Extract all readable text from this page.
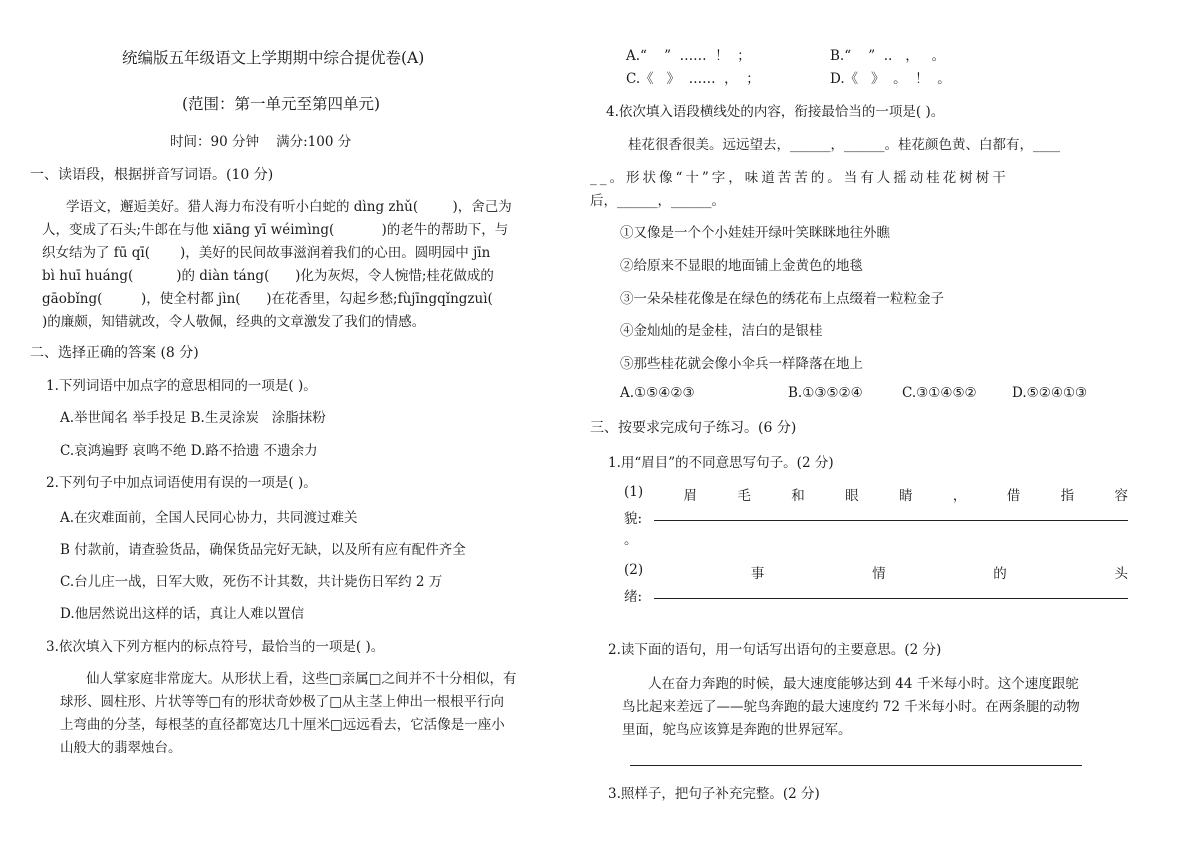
统编版五年级语文上学期期中综合提优卷(A)
(范围：第一单元至第四单元)
时间：90 分钟    满分:100 分
一、读语段，根据拼音写词语。(10 分)
学语文，邂逅美好。猎人海力布没有听小白蛇的 dìng zhǔ(        )，舍己为
人，变成了石头;牛郎在与他 xiāng yī wéimìng(           )的老牛的帮助下，与
织女结为了 fū qī(       )，美好的民间故事滋润着我们的心田。圆明园中 jīn
bì huī huáng(          )的 diàn táng(      )化为灰烬，令人惋惜;桂花做成的
gāobǐng(         )，使全村都 jìn(      )在花香里，勾起乡愁;fùjīngqǐngzuì(
)的廉颇，知错就改，令人敬佩，经典的文章激发了我们的情感。
二、选择正确的答案 (8 分)
1.下列词语中加点字的意思相同的一项是( )。
A.举世闻名 举手投足 B.生灵涂炭   涂脂抹粉
C.哀鸿遍野 哀鸣不绝 D.路不拾遗 不遗余力
2.下列句子中加点词语使用有误的一项是( )。
A.在灾难面前，全国人民同心协力，共同渡过难关
B 付款前，请查验货品，确保货品完好无缺，以及所有应有配件齐全
C.台儿庄一战，日军大败，死伤不计其数，共计毙伤日军约 2 万
D.他居然说出这样的话，真让人难以置信
3.依次填入下列方框内的标点符号，最恰当的一项是( )。
仙人掌家庭非常庞大。从形状上看，这些□亲属□之间并不十分相似，有
球形、圆柱形、片状等等□有的形状奇妙极了□从主茎上伸出一根根平行向
上弯曲的分茎，每根茎的直径都宽达几十厘米□远远看去，它活像是一座小
山般大的翡翠烛台。
A.“    ”  ……  ！  ；	B.“    ”  ..   ，   。
C.《   》  ……  ，  ；	D.《   》  。  ！  。
4.依次填入语段横线处的内容，衔接最恰当的一项是( )。
桂花很香很美。远远望去，______，______。桂花颜色黄、白都有，____
__。形状像“十”字，味道苦苦的。当有人摇动桂花树树干
后，______，______。
①又像是一个个小娃娃开绿叶笑眯眯地往外瞧
②给原来不显眼的地面铺上金黄色的地毯
③一朵朵桂花像是在绿色的绣花布上点缀着一粒粒金子
④金灿灿的是金桂，洁白的是银桂
⑤那些桂花就会像小伞兵一样降落在地上
A.①⑤④②③	B.①③⑤②④	C.③①④⑤②	D.⑤②④①③
三、按要求完成句子练习。(6 分)
1.用“眉目”的不同意思写句子。(2 分)
(1)	眉	毛	和	眼	睛	，	借	指	容
貌:
。
(2)	事	情	的	头
绪:
2.读下面的语句，用一句话写出语句的主要意思。(2 分)
人在奋力奔跑的时候，最大速度能够达到 44 千米每小时。这个速度跟鸵
鸟比起来差远了——鸵鸟奔跑的最大速度约 72 千米每小时。在两条腿的动物
里面，鸵鸟应该算是奔跑的世界冠军。
3.照样子，把句子补充完整。(2 分)
